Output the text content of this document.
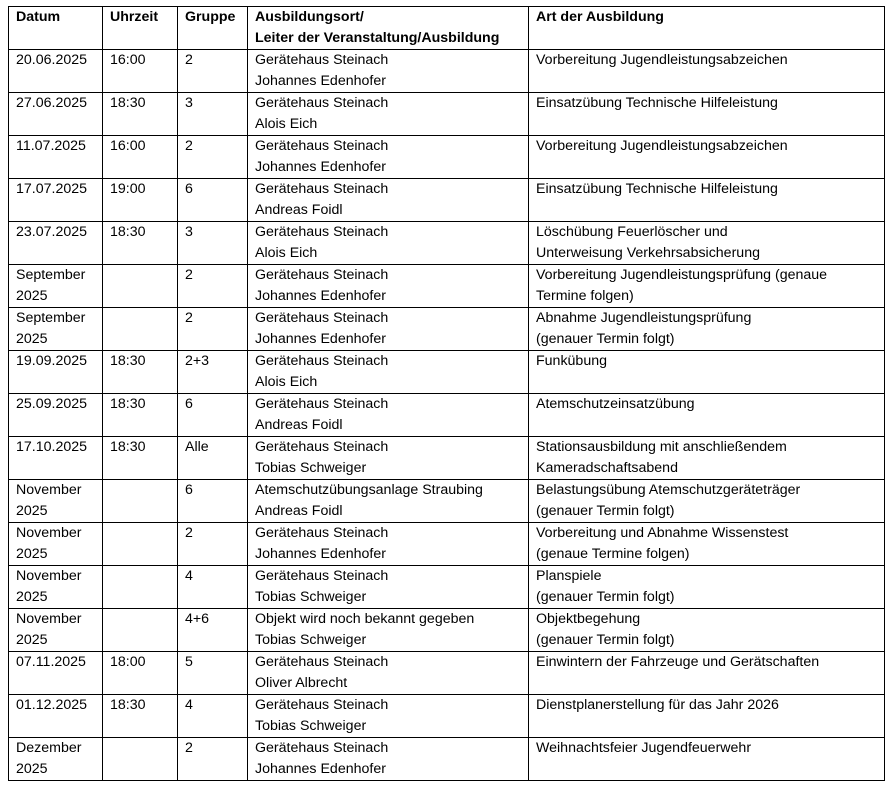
Datum	Uhrzeit	Gruppe	Ausbildungsort/
Leiter der Veranstaltung/Ausbildung	Art der Ausbildung

20.06.2025	16:00	2	Gerätehaus Steinach
Johannes Edenhofer	Vorbereitung Jugendleistungsabzeichen

27.06.2025	18:30	3	Gerätehaus Steinach
Alois Eich	Einsatzübung Technische Hilfeleistung

11.07.2025	16:00	2	Gerätehaus Steinach
Johannes Edenhofer	Vorbereitung Jugendleistungsabzeichen

17.07.2025	19:00	6	Gerätehaus Steinach
Andreas Foidl	Einsatzübung Technische Hilfeleistung

23.07.2025	18:30	3	Gerätehaus Steinach
Alois Eich	Löschübung Feuerlöscher und
Unterweisung Verkehrsabsicherung

September
2025		2	Gerätehaus Steinach
Johannes Edenhofer	Vorbereitung Jugendleistungsprüfung (genaue
Termine folgen)

September
2025		2	Gerätehaus Steinach
Johannes Edenhofer	Abnahme Jugendleistungsprüfung
(genauer Termin folgt)

19.09.2025	18:30	2+3	Gerätehaus Steinach
Alois Eich	Funkübung

25.09.2025	18:30	6	Gerätehaus Steinach
Andreas Foidl	Atemschutzeinsatzübung

17.10.2025	18:30	Alle	Gerätehaus Steinach
Tobias Schweiger	Stationsausbildung mit anschließendem
Kameradschaftsabend

November
2025		6	Atemschutzübungsanlage Straubing
Andreas Foidl	Belastungsübung Atemschutzgeräteträger
(genauer Termin folgt)

November
2025		2	Gerätehaus Steinach
Johannes Edenhofer	Vorbereitung und Abnahme Wissenstest
(genaue Termine folgen)

November
2025		4	Gerätehaus Steinach
Tobias Schweiger	Planspiele
(genauer Termin folgt)

November
2025		4+6	Objekt wird noch bekannt gegeben
Tobias Schweiger	Objektbegehung
(genauer Termin folgt)

07.11.2025	18:00	5	Gerätehaus Steinach
Oliver Albrecht	Einwintern der Fahrzeuge und Gerätschaften

01.12.2025	18:30	4	Gerätehaus Steinach
Tobias Schweiger	Dienstplanerstellung für das Jahr 2026

Dezember
2025		2	Gerätehaus Steinach
Johannes Edenhofer	Weihnachtsfeier Jugendfeuerwehr
